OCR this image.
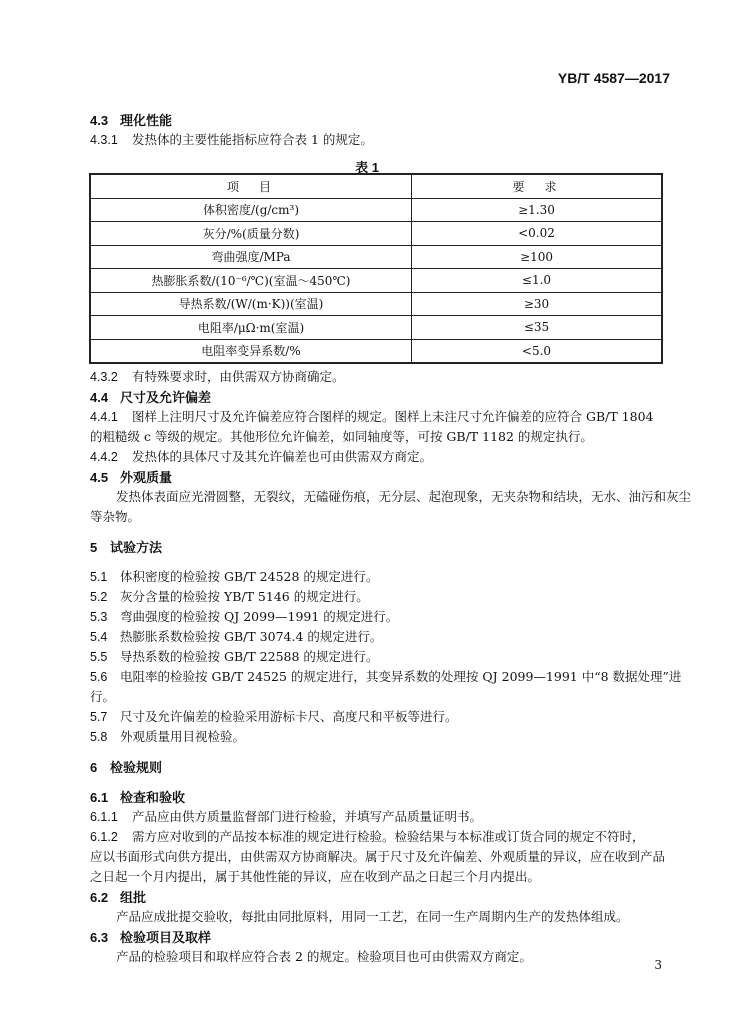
YB/T 4587—2017
4.3 理化性能
4.3.1 发热体的主要性能指标应符合表 1 的规定。
4.3.2 有特殊要求时，由供需双方协商确定。
4.4 尺寸及允许偏差
4.4.1 图样上注明尺寸及允许偏差应符合图样的规定。图样上未注尺寸允许偏差的应符合 GB/T 1804
的粗糙级 c 等级的规定。其他形位允许偏差，如同轴度等，可按 GB/T 1182 的规定执行。
4.4.2 发热体的具体尺寸及其允许偏差也可由供需双方商定。
4.5 外观质量
发热体表面应光滑圆整，无裂纹，无磕碰伤痕，无分层、起泡现象，无夹杂物和结块，无水、油污和灰尘
等杂物。
5 试验方法
5.1 体积密度的检验按 GB/T 24528 的规定进行。
5.2 灰分含量的检验按 YB/T 5146 的规定进行。
5.3 弯曲强度的检验按 QJ 2099—1991 的规定进行。
5.4 热膨胀系数检验按 GB/T 3074.4 的规定进行。
5.5 导热系数的检验按 GB/T 22588 的规定进行。
5.6 电阻率的检验按 GB/T 24525 的规定进行，其变异系数的处理按 QJ 2099—1991 中“8 数据处理”进
行。
5.7 尺寸及允许偏差的检验采用游标卡尺、高度尺和平板等进行。
5.8 外观质量用目视检验。
6 检验规则
6.1 检查和验收
6.1.1 产品应由供方质量监督部门进行检验，并填写产品质量证明书。
6.1.2 需方应对收到的产品按本标准的规定进行检验。检验结果与本标准或订货合同的规定不符时，
应以书面形式向供方提出，由供需双方协商解决。属于尺寸及允许偏差、外观质量的异议，应在收到产品
之日起一个月内提出，属于其他性能的异议，应在收到产品之日起三个月内提出。
6.2 组批
产品应成批提交验收，每批由同批原料，用同一工艺，在同一生产周期内生产的发热体组成。
6.3 检验项目及取样
产品的检验项目和取样应符合表 2 的规定。检验项目也可由供需双方商定。
表 1
项　目	要　求
体积密度/(g/cm³)	≥1.30
灰分/%(质量分数)	<0.02
弯曲强度/MPa	≥100
热膨胀系数/(10⁻⁶/℃)(室温～450℃)	≤1.0
导热系数/(W/(m·K))(室温)	≥30
电阻率/μΩ·m(室温)	≤35
电阻率变异系数/%	<5.0
3
